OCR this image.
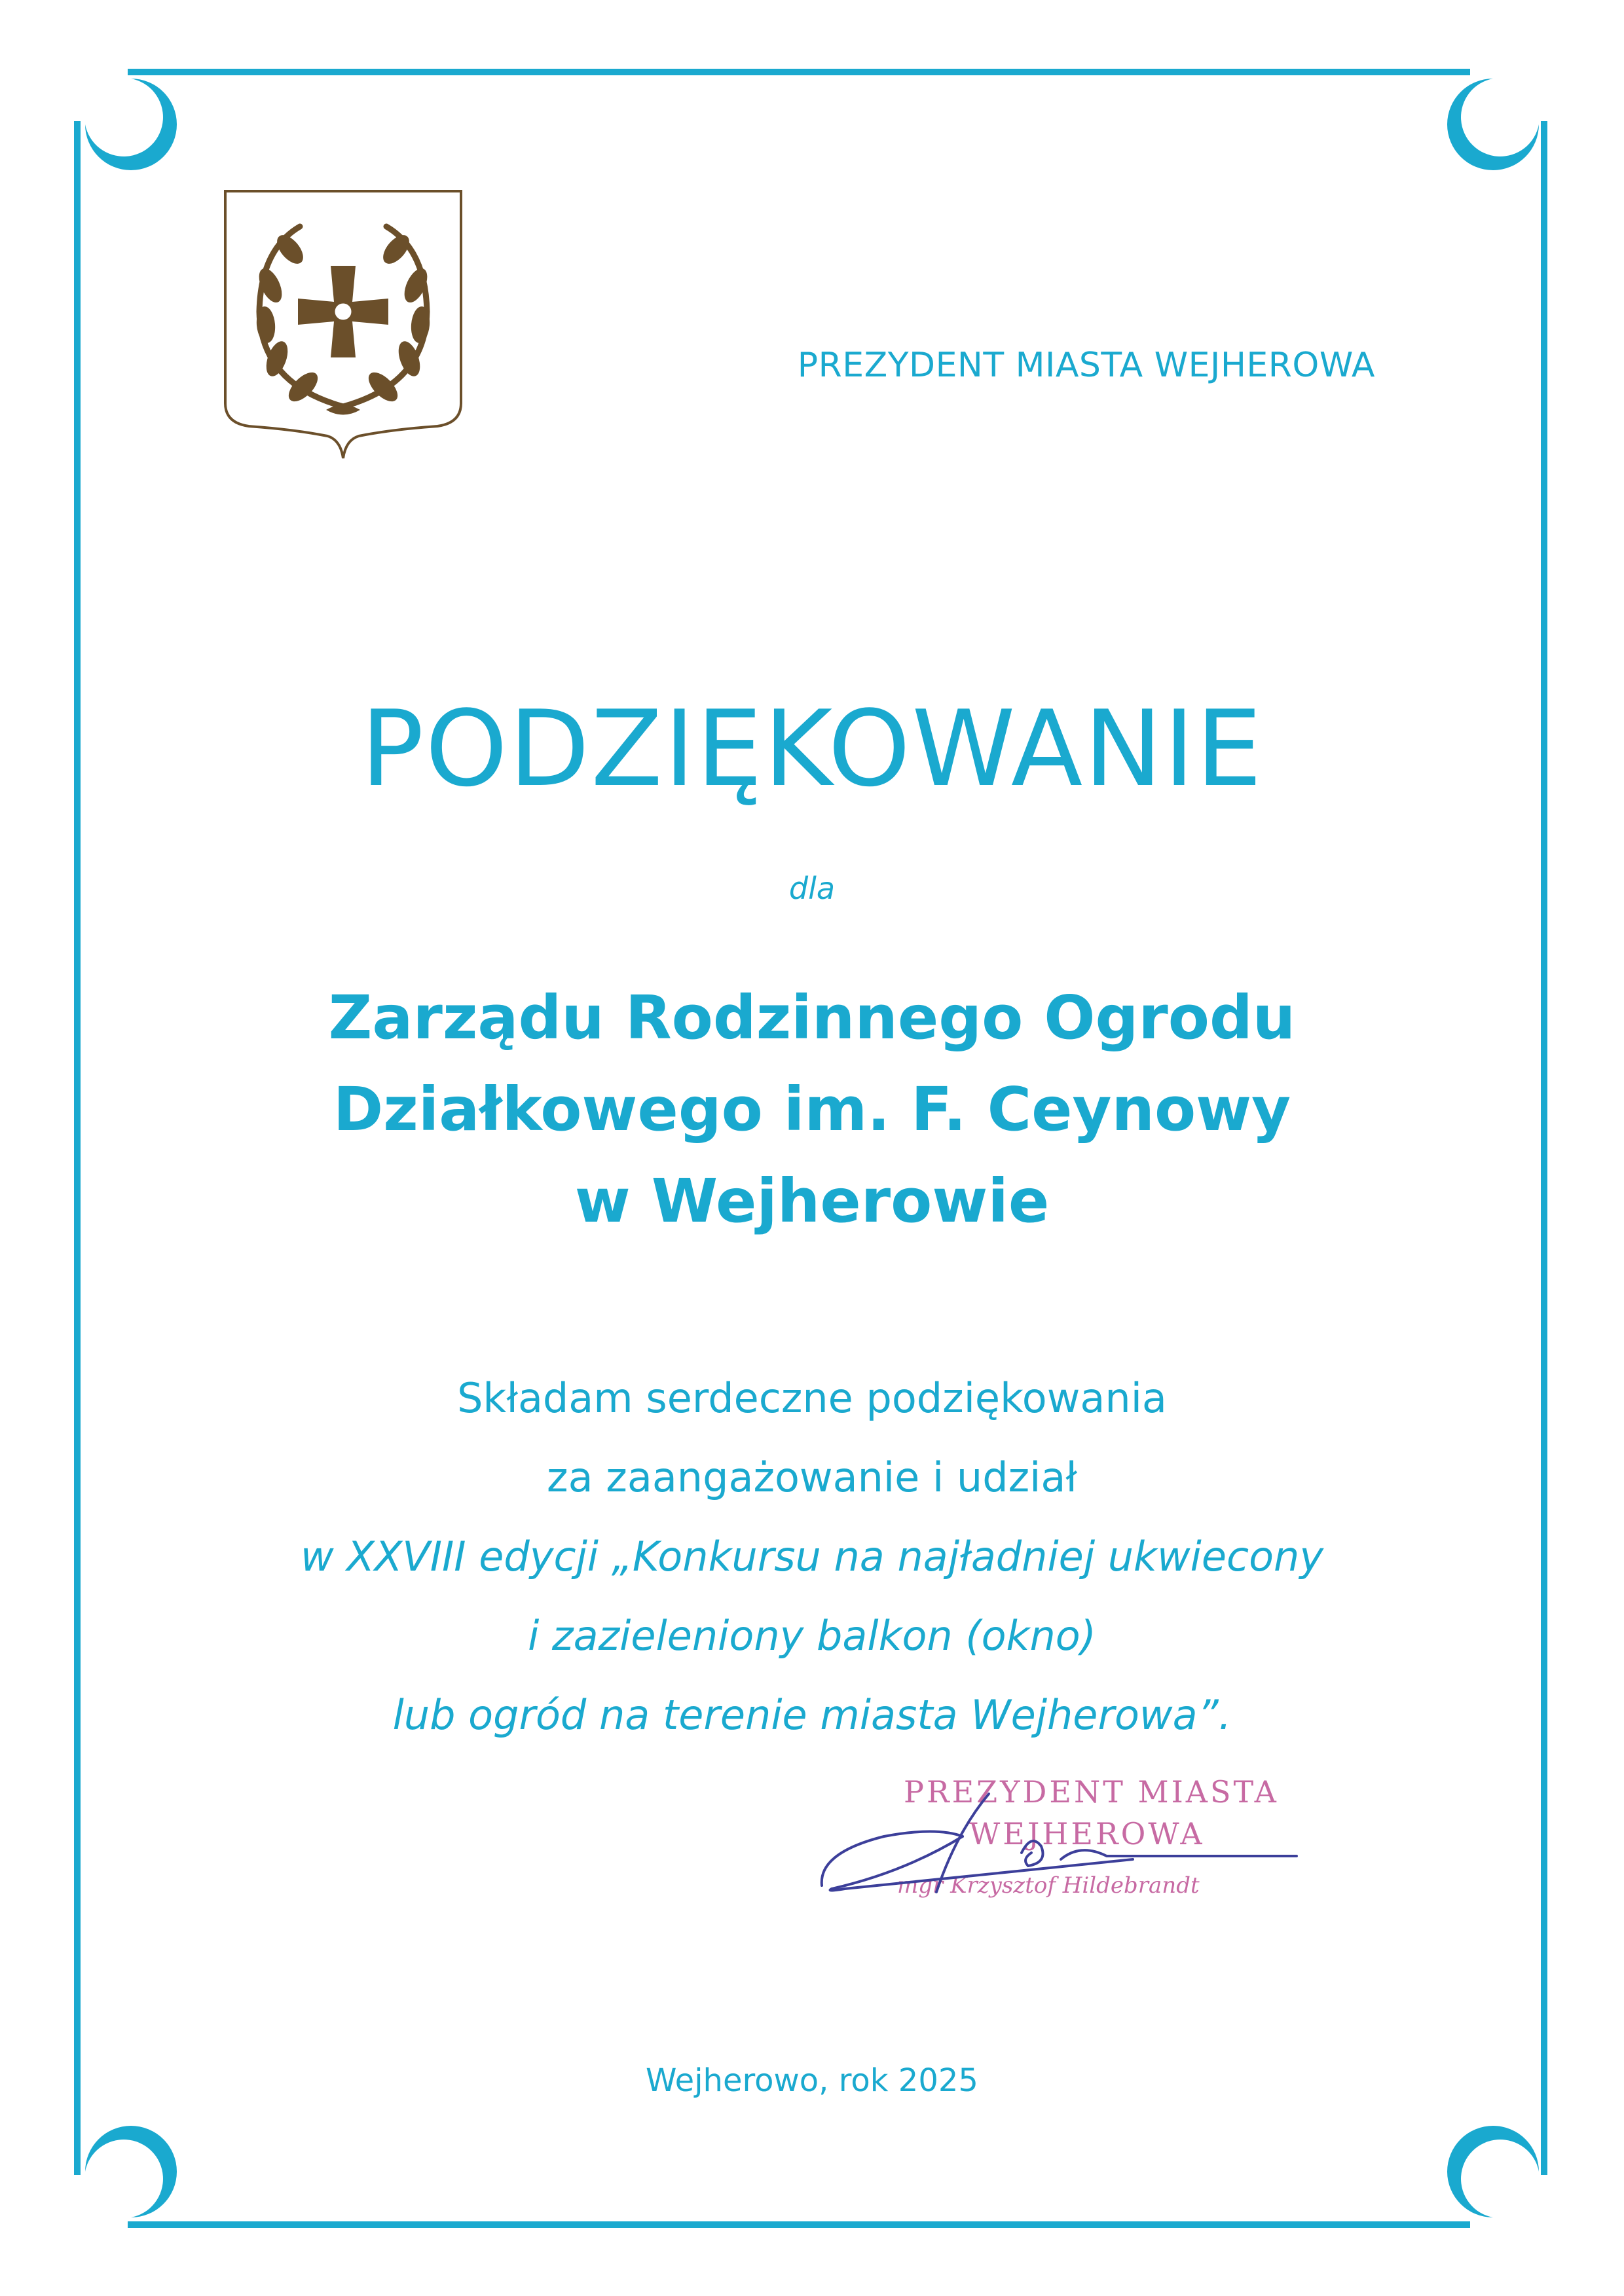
PREZYDENT MIASTA WEJHEROWA
PODZIĘKOWANIE
dla
Zarządu Rodzinnego Ogrodu
Działkowego im. F. Ceynowy
w Wejherowie
Składam serdeczne podziękowania
za zaangażowanie i udział
w XXVIII edycji „Konkursu na najładniej ukwiecony
i zazieleniony balkon (okno)
lub ogród na terenie miasta Wejherowa”.
PREZYDENT MIASTA
WEJHEROWA
mgr Krzysztof Hildebrandt
Wejherowo, rok 2025
